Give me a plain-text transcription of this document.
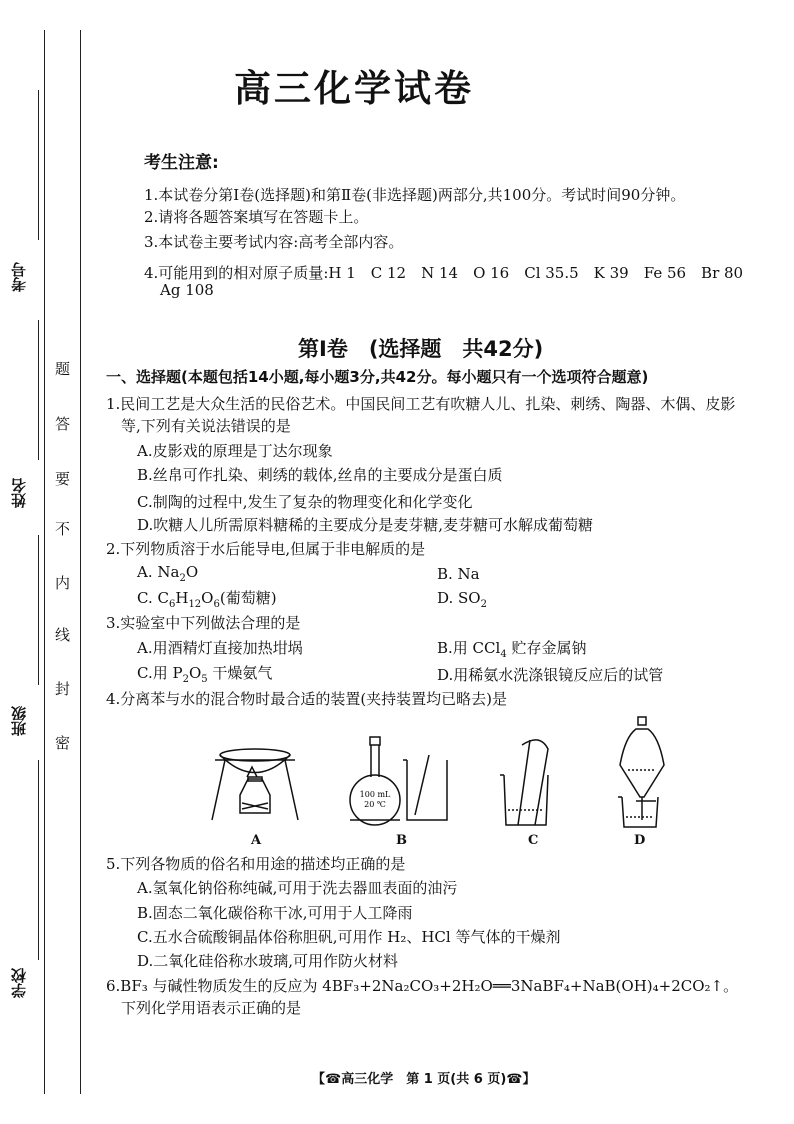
考号
姓名
班级
学校
题
答
要
不
内
线
封
密
高三化学试卷
考生注意:
1.本试卷分第Ⅰ卷(选择题)和第Ⅱ卷(非选择题)两部分,共100分。考试时间90分钟。
2.请将各题答案填写在答题卡上。
3.本试卷主要考试内容:高考全部内容。
4.可能用到的相对原子质量:H 1　C 12　N 14　O 16　Cl 35.5　K 39　Fe 56　Br 80
Ag 108
第Ⅰ卷　(选择题　共42分)
一、选择题(本题包括14小题,每小题3分,共42分。每小题只有一个选项符合题意)
1.民间工艺是大众生活的民俗艺术。中国民间工艺有吹糖人儿、扎染、刺绣、陶器、木偶、皮影
等,下列有关说法错误的是
A.皮影戏的原理是丁达尔现象
B.丝帛可作扎染、刺绣的载体,丝帛的主要成分是蛋白质
C.制陶的过程中,发生了复杂的物理变化和化学变化
D.吹糖人儿所需原料糖稀的主要成分是麦芽糖,麦芽糖可水解成葡萄糖
2.下列物质溶于水后能导电,但属于非电解质的是
A. $Na_2O$	B. Na
C. $C_6H_{12}O_6$(葡萄糖)	D. $SO_2$
3.实验室中下列做法合理的是
A.用酒精灯直接加热坩埚	B.用 CCl$_4$ 贮存金属钠
C.用 $P_2O_5$ 干燥氨气	D.用稀氨水洗涤银镜反应后的试管
4.分离苯与水的混合物时最合适的装置(夹持装置均已略去)是
100 mL
20 ℃
A	B	C	D
5.下列各物质的俗名和用途的描述均正确的是
A.氢氧化钠俗称纯碱,可用于洗去器皿表面的油污
B.固态二氧化碳俗称干冰,可用于人工降雨
C.五水合硫酸铜晶体俗称胆矾,可用作 H₂、HCl 等气体的干燥剂
D.二氧化硅俗称水玻璃,可用作防火材料
6.BF₃ 与碱性物质发生的反应为 4BF₃+2Na₂CO₃+2H₂O══3NaBF₄+NaB(OH)₄+2CO₂↑。
下列化学用语表示正确的是
【☎高三化学　第 1 页(共 6 页)☎】
